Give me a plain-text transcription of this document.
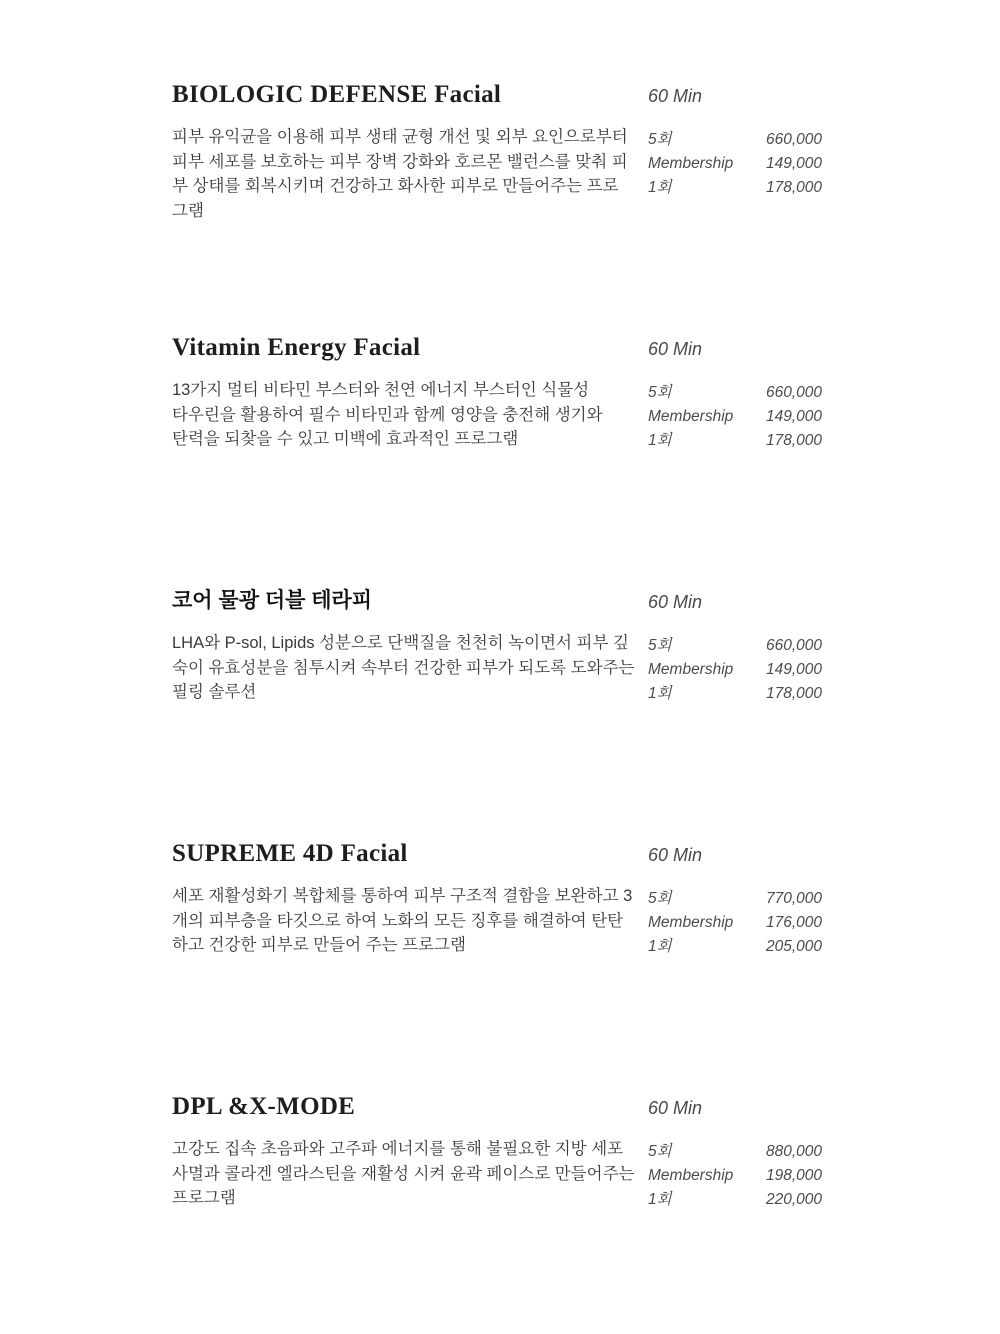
BIOLOGIC DEFENSE Facial	60 Min
피부 유익균을 이용해 피부 생태 균형 개선 및 외부 요인으로부터
피부 세포를 보호하는 피부 장벽 강화와 호르몬 밸런스를 맞춰 피
부 상태를 회복시키며 건강하고 화사한 피부로 만들어주는 프로
그램
5회	660,000
Membership 149,000
1회	178,000
Vitamin Energy Facial	60 Min
13가지 멀티 비타민 부스터와 천연 에너지 부스터인 식물성
타우린을 활용하여 필수 비타민과 함께 영양을 충전해 생기와
탄력을 되찾을 수 있고 미백에 효과적인 프로그램
5회	660,000
Membership 149,000
1회	178,000
코어 물광 더블 테라피	60 Min
LHA와 P-sol, Lipids 성분으로 단백질을 천천히 녹이면서 피부 깊
숙이 유효성분을 침투시켜 속부터 건강한 피부가 되도록 도와주는
필링 솔루션
5회	660,000
Membership 149,000
1회	178,000
SUPREME 4D Facial	60 Min
세포 재활성화기 복합체를 통하여 피부 구조적 결함을 보완하고 3
개의 피부층을 타깃으로 하여 노화의 모든 징후를 해결하여 탄탄
하고 건강한 피부로 만들어 주는 프로그램
5회	770,000
Membership 176,000
1회	205,000
DPL &X-MODE	60 Min
고강도 집속 초음파와 고주파 에너지를 통해 불필요한 지방 세포
사멸과 콜라겐 엘라스틴을 재활성 시켜 윤곽 페이스로 만들어주는
프로그램
5회	880,000
Membership 198,000
1회	220,000
